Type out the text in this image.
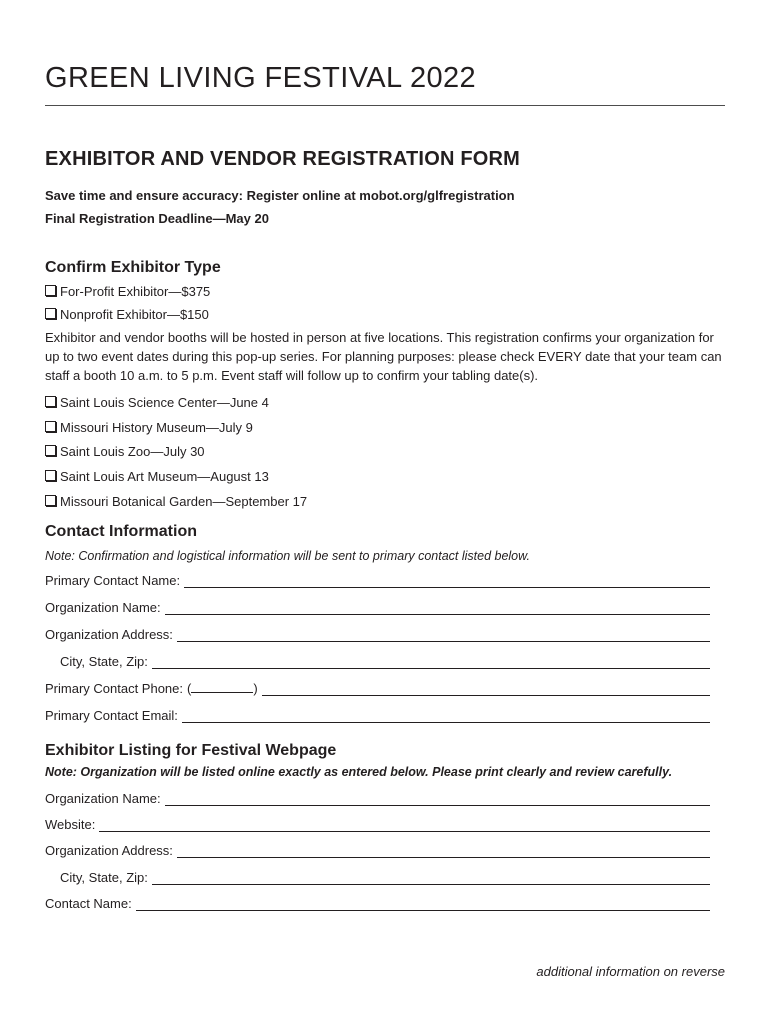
GREEN LIVING FESTIVAL 2022
EXHIBITOR AND VENDOR REGISTRATION FORM
Save time and ensure accuracy: Register online at mobot.org/glfregistration
Final Registration Deadline—May 20
Confirm Exhibitor Type
For-Profit Exhibitor—$375
Nonprofit Exhibitor—$150
Exhibitor and vendor booths will be hosted in person at five locations. This registration confirms your organization for up to two event dates during this pop-up series. For planning purposes: please check EVERY date that your team can staff a booth 10 a.m. to 5 p.m. Event staff will follow up to confirm your tabling date(s).
Saint Louis Science Center—June 4
Missouri History Museum—July 9
Saint Louis Zoo—July 30
Saint Louis Art Museum—August 13
Missouri Botanical Garden—September 17
Contact Information
Note: Confirmation and logistical information will be sent to primary contact listed below.
Primary Contact Name:
Organization Name:
Organization Address:
City, State, Zip:
Primary Contact Phone: (	)
Primary Contact Email:
Exhibitor Listing for Festival Webpage
Note: Organization will be listed online exactly as entered below. Please print clearly and review carefully.
Organization Name:
Website:
Organization Address:
City, State, Zip:
Contact Name:
additional information on reverse
